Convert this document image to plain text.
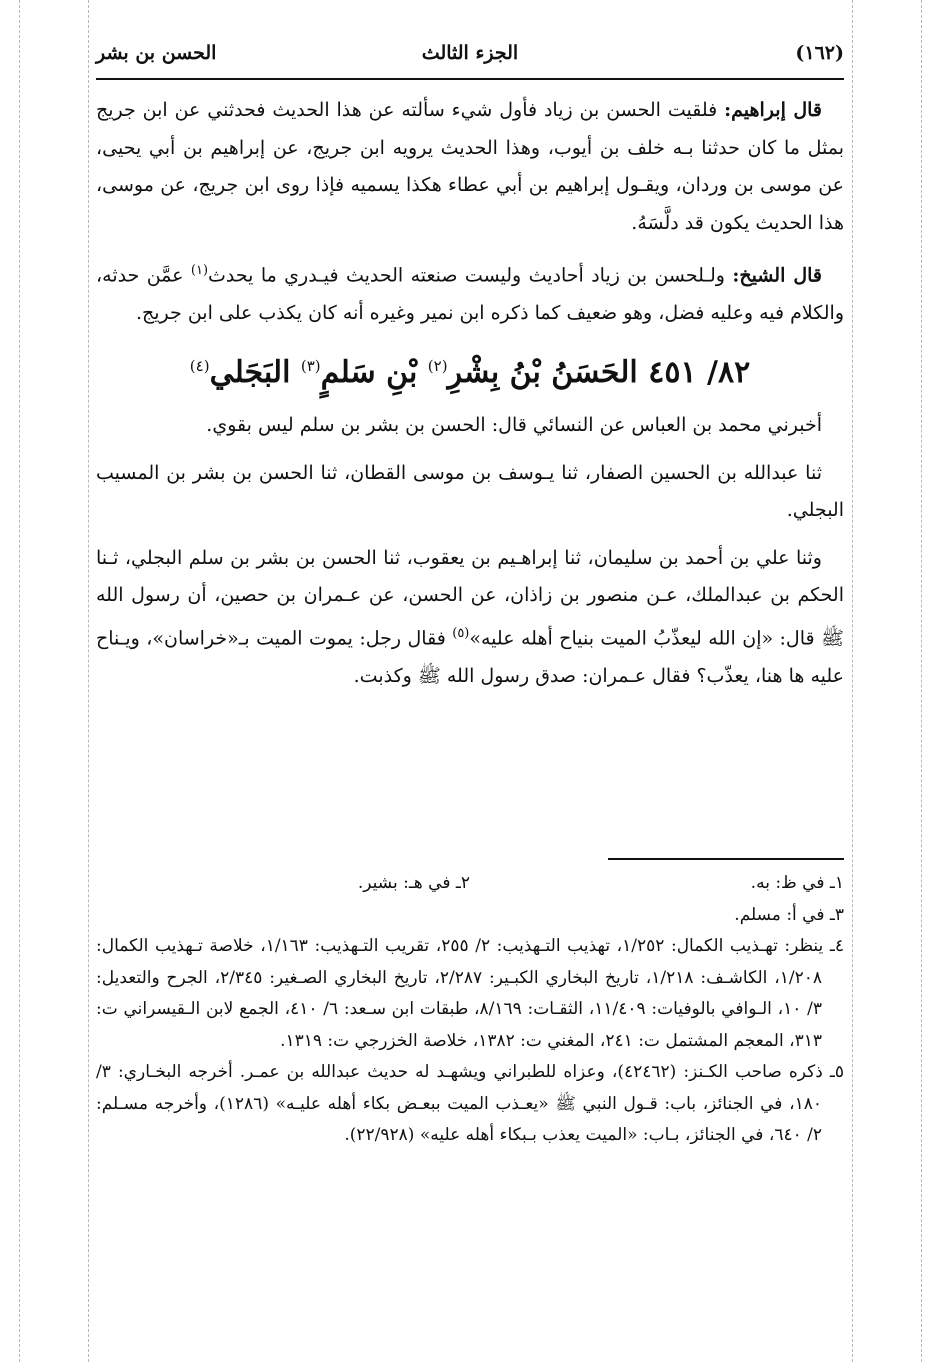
(١٦٢)
الجزء الثالث
الحسن بن بشر

قال إبراهيم: فلقيت الحسن بن زياد فأول شيء سألته عن هذا الحديث فحدثني عن ابن جريج بمثل ما كان حدثنا بـه خلف بن أيوب، وهذا الحديث يرويه ابن جريج، عن إبراهيم بن أبي يحيى، عن موسى بن وردان، ويقـول إبراهيم بن أبي عطاء هكذا يسميه فإذا روى ابن جريج، عن موسى، هذا الحديث يكون قد دلَّسَهُ.

قال الشيخ: ولـلحسن بن زياد أحاديث وليست صنعته الحديث فيـدري ما يحدث$^{(١)}$ عمَّن حدثه، والكلام فيه وعليه فضل، وهو ضعيف كما ذكره ابن نمير وغيره أنه كان يكذب على ابن جريج.

٨٢/ ٤٥١ الحَسَنُ بْنُ بِشْرِ$^{(٢)}$ بْنِ سَلمٍ$^{(٣)}$ البَجَلي$^{(٤)}$

أخبرني محمد بن العباس عن النسائي قال: الحسن بن بشر بن سلم ليس بقوي.

ثنا عبدالله بن الحسين الصفار، ثنا يـوسف بن موسى القطان، ثنا الحسن بن بشر بن المسيب البجلي.

وثنا علي بن أحمد بن سليمان، ثنا إبراهـيم بن يعقوب، ثنا الحسن بن بشر بن سلم البجلي، ثـنا الحكم بن عبدالملك، عـن منصور بن زاذان، عن الحسن، عن عـمران بن حصين، أن رسول الله ﷺ قال: «إن الله ليعذّبُ الميت بنياح أهله عليه»$^{(٥)}$ فقال رجل: يموت الميت بـ«خراسان»، ويـناح عليه ها هنا، يعذّب؟ فقال عـمران: صدق رسول الله ﷺ وكذبت.

١ـ في ظ: به.
٢ـ في هـ: بشير.

٣ـ في أ: مسلم.

٤ـ ينظر: تهـذيب الكمال: ١/٢٥٢، تهذيب التـهذيب: ٢/ ٢٥٥، تقريب التـهذيب: ١/١٦٣، خلاصة تـهذيب الكمال: ١/٢٠٨، الكاشـف: ١/٢١٨، تاريخ البخاري الكبـير: ٢/٢٨٧، تاريخ البخاري الصـغير: ٢/٣٤٥، الجرح والتعديل: ٣/ ١٠، الـوافي بالوفيات: ١١/٤٠٩، الثقـات: ٨/١٦٩، طبقات ابن سـعد: ٦/ ٤١٠، الجمع لابن الـقيسراني ت: ٣١٣، المعجم المشتمل ت: ٢٤١، المغني ت: ١٣٨٢، خلاصة الخزرجي ت: ١٣١٩.

٥ـ ذكره صاحب الكـنز: (٤٢٤٦٢)، وعزاه للطبراني ويشهـد له حديث عبدالله بن عمـر. أخرجه البخـاري: ٣/ ١٨٠، في الجنائز، باب: قـول النبي ﷺ «يعـذب الميت ببعـض بكاء أهله عليـه» (١٢٨٦)، وأخرجه مسـلم: ٢/ ٦٤٠، في الجنائز، بـاب: «الميت يعذب بـبكاء أهله عليه» (٢٢/٩٢٨).
